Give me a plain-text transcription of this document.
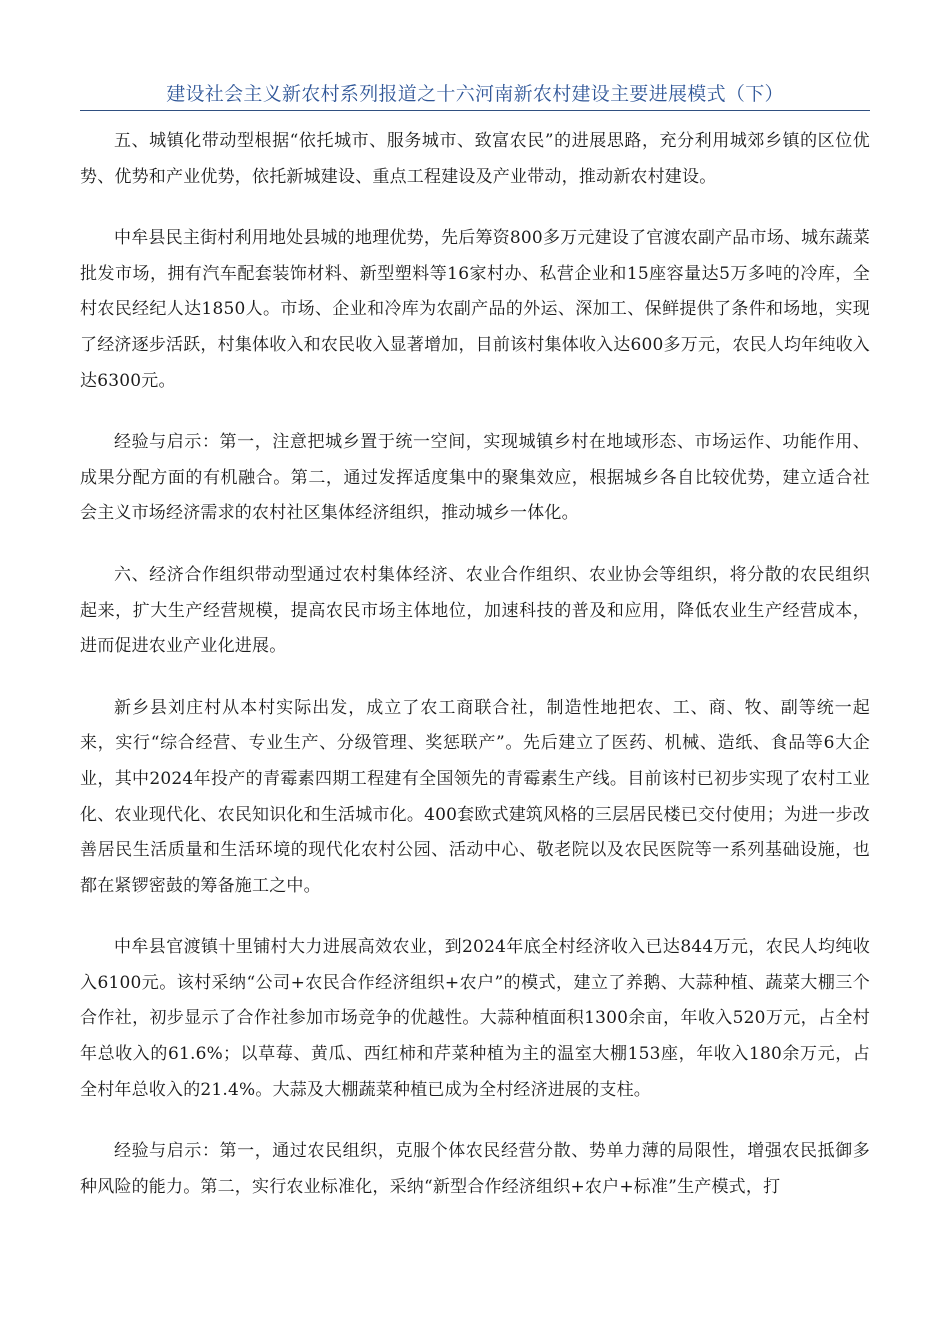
建设社会主义新农村系列报道之十六河南新农村建设主要进展模式（下）

五、城镇化带动型根据“依托城市、服务城市、致富农民”的进展思路，充分利用城郊乡镇的区位优势、优势和产业优势，依托新城建设、重点工程建设及产业带动，推动新农村建设。

中牟县民主街村利用地处县城的地理优势，先后筹资800多万元建设了官渡农副产品市场、城东蔬菜批发市场，拥有汽车配套装饰材料、新型塑料等16家村办、私营企业和15座容量达5万多吨的冷库，全村农民经纪人达1850人。市场、企业和冷库为农副产品的外运、深加工、保鲜提供了条件和场地，实现了经济逐步活跃，村集体收入和农民收入显著增加，目前该村集体收入达600多万元，农民人均年纯收入达6300元。

经验与启示：第一，注意把城乡置于统一空间，实现城镇乡村在地域形态、市场运作、功能作用、成果分配方面的有机融合。第二，通过发挥适度集中的聚集效应，根据城乡各自比较优势，建立适合社会主义市场经济需求的农村社区集体经济组织，推动城乡一体化。

六、经济合作组织带动型通过农村集体经济、农业合作组织、农业协会等组织，将分散的农民组织起来，扩大生产经营规模，提高农民市场主体地位，加速科技的普及和应用，降低农业生产经营成本，进而促进农业产业化进展。

新乡县刘庄村从本村实际出发，成立了农工商联合社，制造性地把农、工、商、牧、副等统一起来，实行“综合经营、专业生产、分级管理、奖惩联产”。先后建立了医药、机械、造纸、食品等6大企业，其中2024年投产的青霉素四期工程建有全国领先的青霉素生产线。目前该村已初步实现了农村工业化、农业现代化、农民知识化和生活城市化。400套欧式建筑风格的三层居民楼已交付使用；为进一步改善居民生活质量和生活环境的现代化农村公园、活动中心、敬老院以及农民医院等一系列基础设施，也都在紧锣密鼓的筹备施工之中。

中牟县官渡镇十里铺村大力进展高效农业，到2024年底全村经济收入已达844万元，农民人均纯收入6100元。该村采纳“公司+农民合作经济组织+农户”的模式，建立了养鹅、大蒜种植、蔬菜大棚三个合作社，初步显示了合作社参加市场竞争的优越性。大蒜种植面积1300余亩，年收入520万元，占全村年总收入的61.6%；以草莓、黄瓜、西红柿和芹菜种植为主的温室大棚153座，年收入180余万元，占全村年总收入的21.4%。大蒜及大棚蔬菜种植已成为全村经济进展的支柱。

经验与启示：第一，通过农民组织，克服个体农民经营分散、势单力薄的局限性，增强农民抵御多种风险的能力。第二，实行农业标准化，采纳“新型合作经济组织+农户+标准”生产模式，打
